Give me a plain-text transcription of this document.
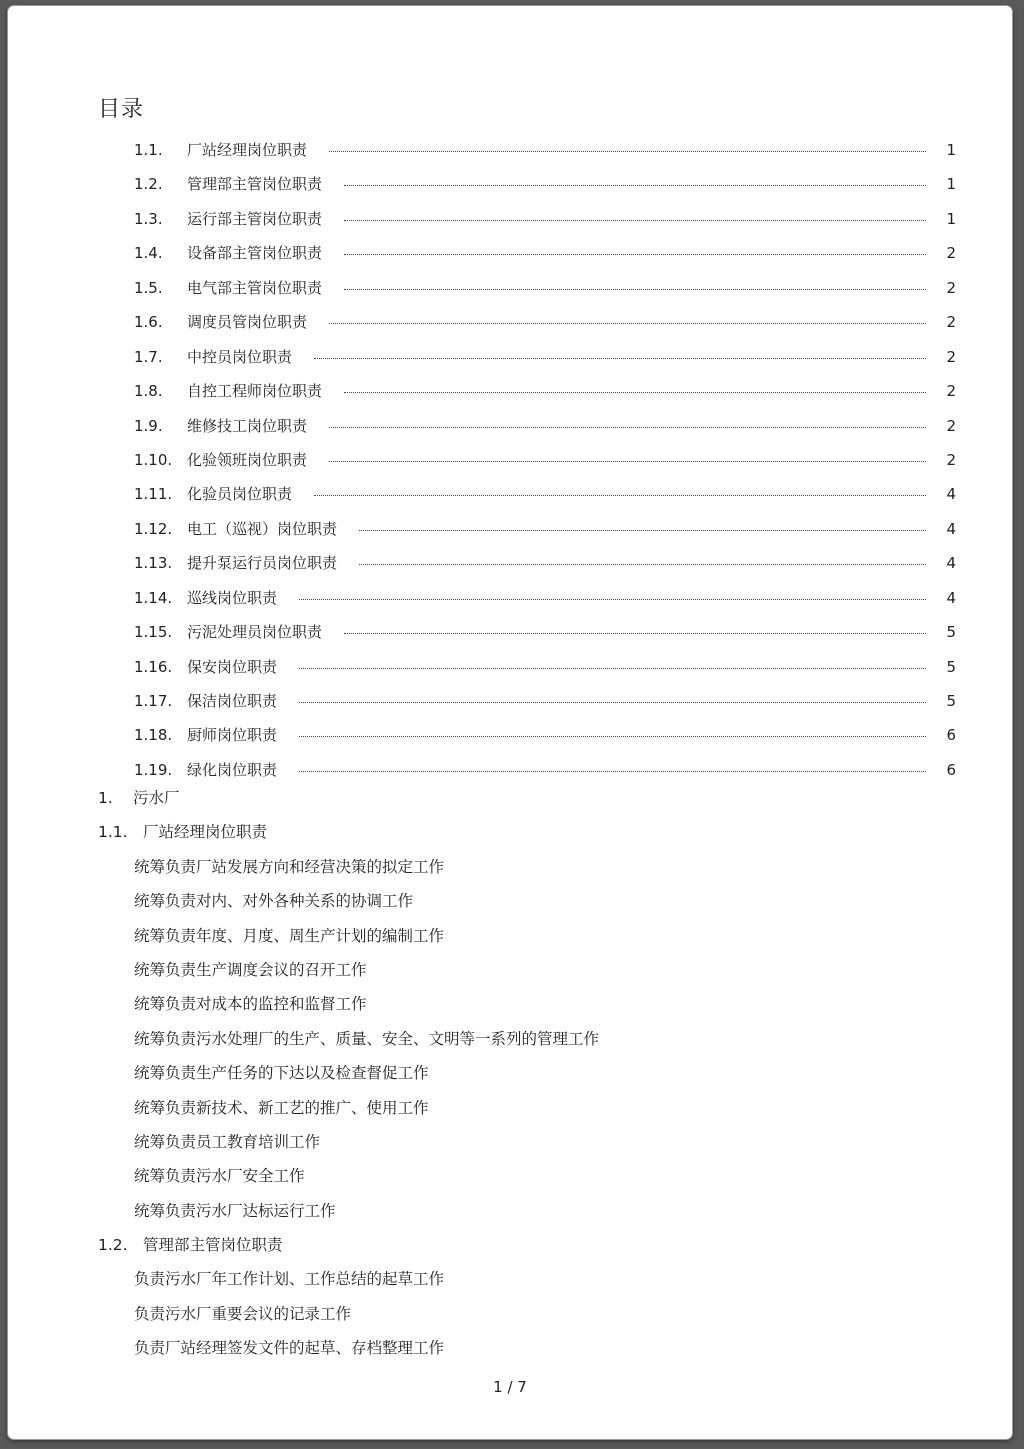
目录
1.1. 厂站经理岗位职责	1
1.2. 管理部主管岗位职责	1
1.3. 运行部主管岗位职责	1
1.4. 设备部主管岗位职责	2
1.5. 电气部主管岗位职责	2
1.6. 调度员管岗位职责	2
1.7. 中控员岗位职责	2
1.8. 自控工程师岗位职责	2
1.9. 维修技工岗位职责	2
1.10. 化验领班岗位职责	2
1.11. 化验员岗位职责	4
1.12. 电工（巡视）岗位职责	4
1.13. 提升泵运行员岗位职责	4
1.14. 巡线岗位职责	4
1.15. 污泥处理员岗位职责	5
1.16. 保安岗位职责	5
1.17. 保洁岗位职责	5
1.18. 厨师岗位职责	6
1.19. 绿化岗位职责	6
1. 污水厂
1.1. 厂站经理岗位职责
统筹负责厂站发展方向和经营决策的拟定工作
统筹负责对内、对外各种关系的协调工作
统筹负责年度、月度、周生产计划的编制工作
统筹负责生产调度会议的召开工作
统筹负责对成本的监控和监督工作
统筹负责污水处理厂的生产、质量、安全、文明等一系列的管理工作
统筹负责生产任务的下达以及检查督促工作
统筹负责新技术、新工艺的推广、使用工作
统筹负责员工教育培训工作
统筹负责污水厂安全工作
统筹负责污水厂达标运行工作
1.2. 管理部主管岗位职责
负责污水厂年工作计划、工作总结的起草工作
负责污水厂重要会议的记录工作
负责厂站经理签发文件的起草、存档整理工作
1 / 7
